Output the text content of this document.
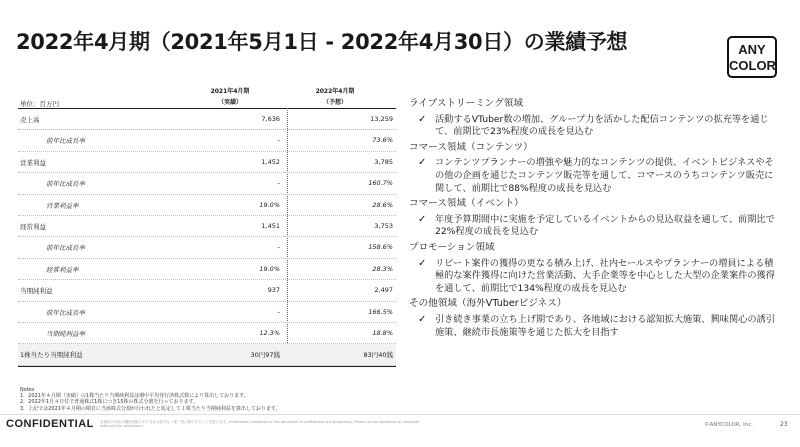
2022年4月期（2021年5月1日 - 2022年4月30日）の業績予想	ANY
COLOR
2021年4月期
（実績）
2022年4月期
（予想）
単位：百万円
売上高	7,636	13,259
前年比成長率	-	73.6%
営業利益	1,452	3,785
前年比成長率	-	160.7%
営業利益率	19.0%	28.6%
経常利益	1,451	3,753
前年比成長率	-	158.6%
経常利益率	19.0%	28.3%
当期純利益	937	2,497
前年比成長率	-	166.5%
当期純利益率	12.3%	18.8%
1株当たり当期純利益	30円97銭	83円40銭
ライブストリーミング領域
✓ 活動するVTuber数の増加、グループ力を活かした配信コンテンツの拡充等を通じて、前期比で23%程度の成長を見込む
コマース領域（コンテンツ）
✓ コンテンツプランナーの増強や魅力的なコンテンツの提供、イベントビジネスやその他の企画を通じたコンテンツ販売等を通して、コマースのうちコンテンツ販売に関して、前期比で88%程度の成長を見込む
コマース領域（イベント）
✓ 年度予算期間中に実施を予定しているイベントからの見込収益を通して、前期比で22%程度の成長を見込む
プロモーション領域
✓ リピート案件の獲得の更なる積み上げ、社内セールスやプランナーの増員による積極的な案件獲得に向けた営業活動、大手企業等を中心とした大型の企業案件の獲得を通して、前期比で134%程度の成長を見込む
その他領域（海外VTuberビジネス）
✓ 引き続き事業の立ち上げ期であり、各地域における認知拡大施策、興味関心の誘引施策、継続市長施策等を通じた拡大を目指す
Notes
1．2021年４月期（実績）の1株当たり当期純利益は期中平均発行済株式数により算出しております。
2．2022年1月４日付で普通株式1株につき15株の株式分割を行っております。
3．上記では2021年４月期の期首に当該株式分割が行われたと仮定して１株当たり当期純利益を算出しております。
CONFIDENTIAL 本資料の内容は機密情報であり当社の許可なく第三者に開示することを禁じます。Information contained in this document is confidential and proprietary. Please do not reproduce or distribute without prior permission.	©ANYCOLOR, Inc.	23
